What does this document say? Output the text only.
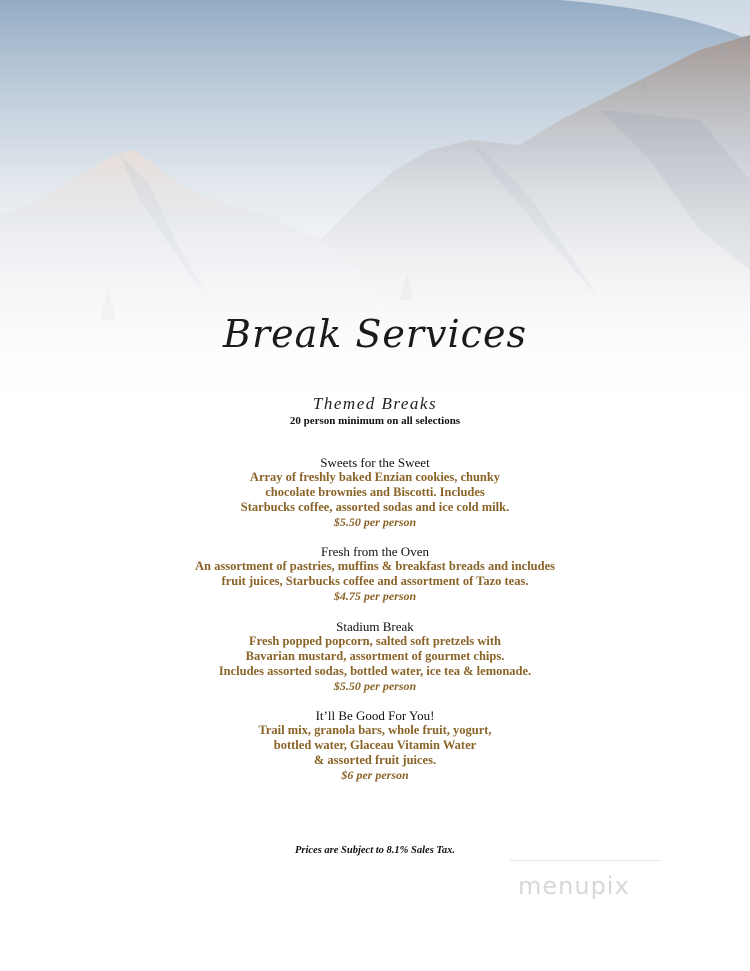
Break Services
Themed Breaks
20 person minimum on all selections
Sweets for the Sweet
Array of freshly baked Enzian cookies, chunky
chocolate brownies and Biscotti. Includes
Starbucks coffee, assorted sodas and ice cold milk.
$5.50 per person
Fresh from the Oven
An assortment of pastries, muffins & breakfast breads and includes
fruit juices, Starbucks coffee and assortment of Tazo teas.
$4.75 per person
Stadium Break
Fresh popped popcorn, salted soft pretzels with
Bavarian mustard, assortment of gourmet chips.
Includes assorted sodas, bottled water, ice tea & lemonade.
$5.50 per person
It’ll Be Good For You!
Trail mix, granola bars, whole fruit, yogurt,
bottled water, Glaceau Vitamin Water
& assorted fruit juices.
$6 per person
Prices are Subject to 8.1% Sales Tax.
menupix
